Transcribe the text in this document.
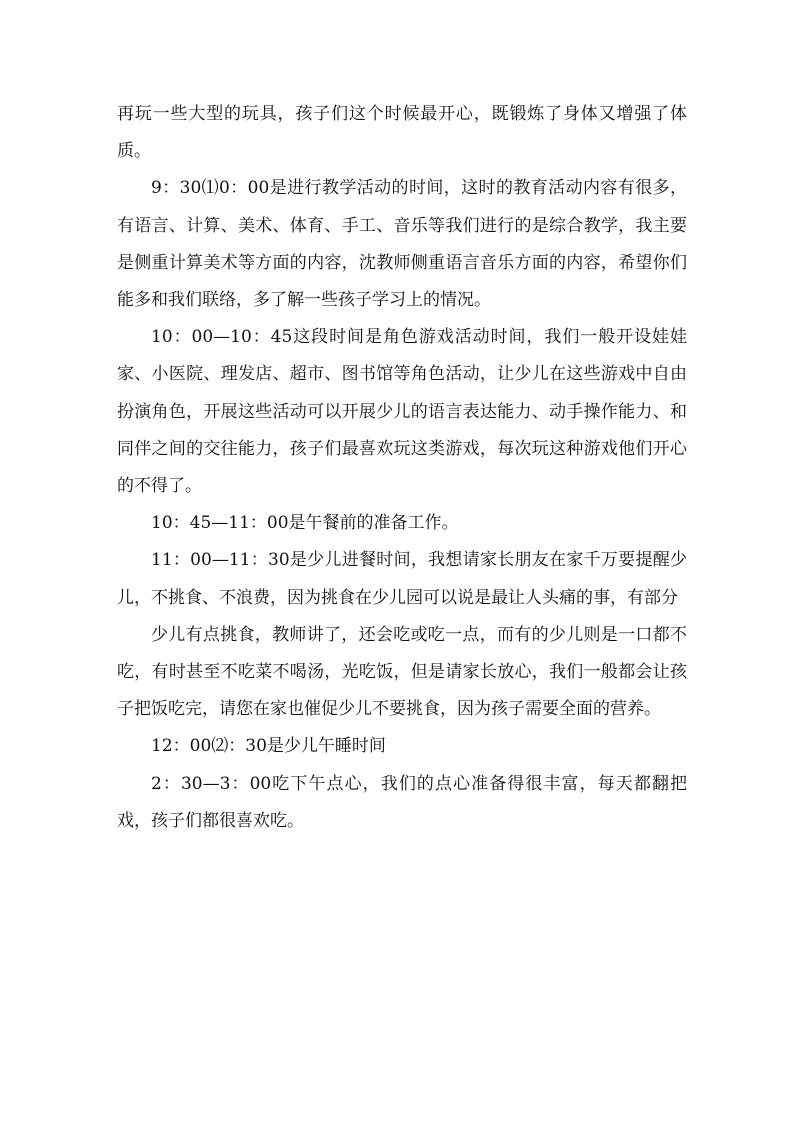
再玩一些大型的玩具，孩子们这个时候最开心，既锻炼了身体又增强了体质。

9：30⑴0：00是进行教学活动的时间，这时的教育活动内容有很多，有语言、计算、美术、体育、手工、音乐等我们进行的是综合教学，我主要是侧重计算美术等方面的内容，沈教师侧重语言音乐方面的内容，希望你们能多和我们联络，多了解一些孩子学习上的情况。

10：00—10：45这段时间是角色游戏活动时间，我们一般开设娃娃家、小医院、理发店、超市、图书馆等角色活动，让少儿在这些游戏中自由扮演角色，开展这些活动可以开展少儿的语言表达能力、动手操作能力、和同伴之间的交往能力，孩子们最喜欢玩这类游戏，每次玩这种游戏他们开心的不得了。

10：45—11：00是午餐前的准备工作。

11：00—11：30是少儿进餐时间，我想请家长朋友在家千万要提醒少儿，不挑食、不浪费，因为挑食在少儿园可以说是最让人头痛的事，有部分

少儿有点挑食，教师讲了，还会吃或吃一点，而有的少儿则是一口都不吃，有时甚至不吃菜不喝汤，光吃饭，但是请家长放心，我们一般都会让孩子把饭吃完，请您在家也催促少儿不要挑食，因为孩子需要全面的营养。

12：00⑵：30是少儿午睡时间

2：30—3：00吃下午点心，我们的点心准备得很丰富，每天都翻把戏，孩子们都很喜欢吃。
